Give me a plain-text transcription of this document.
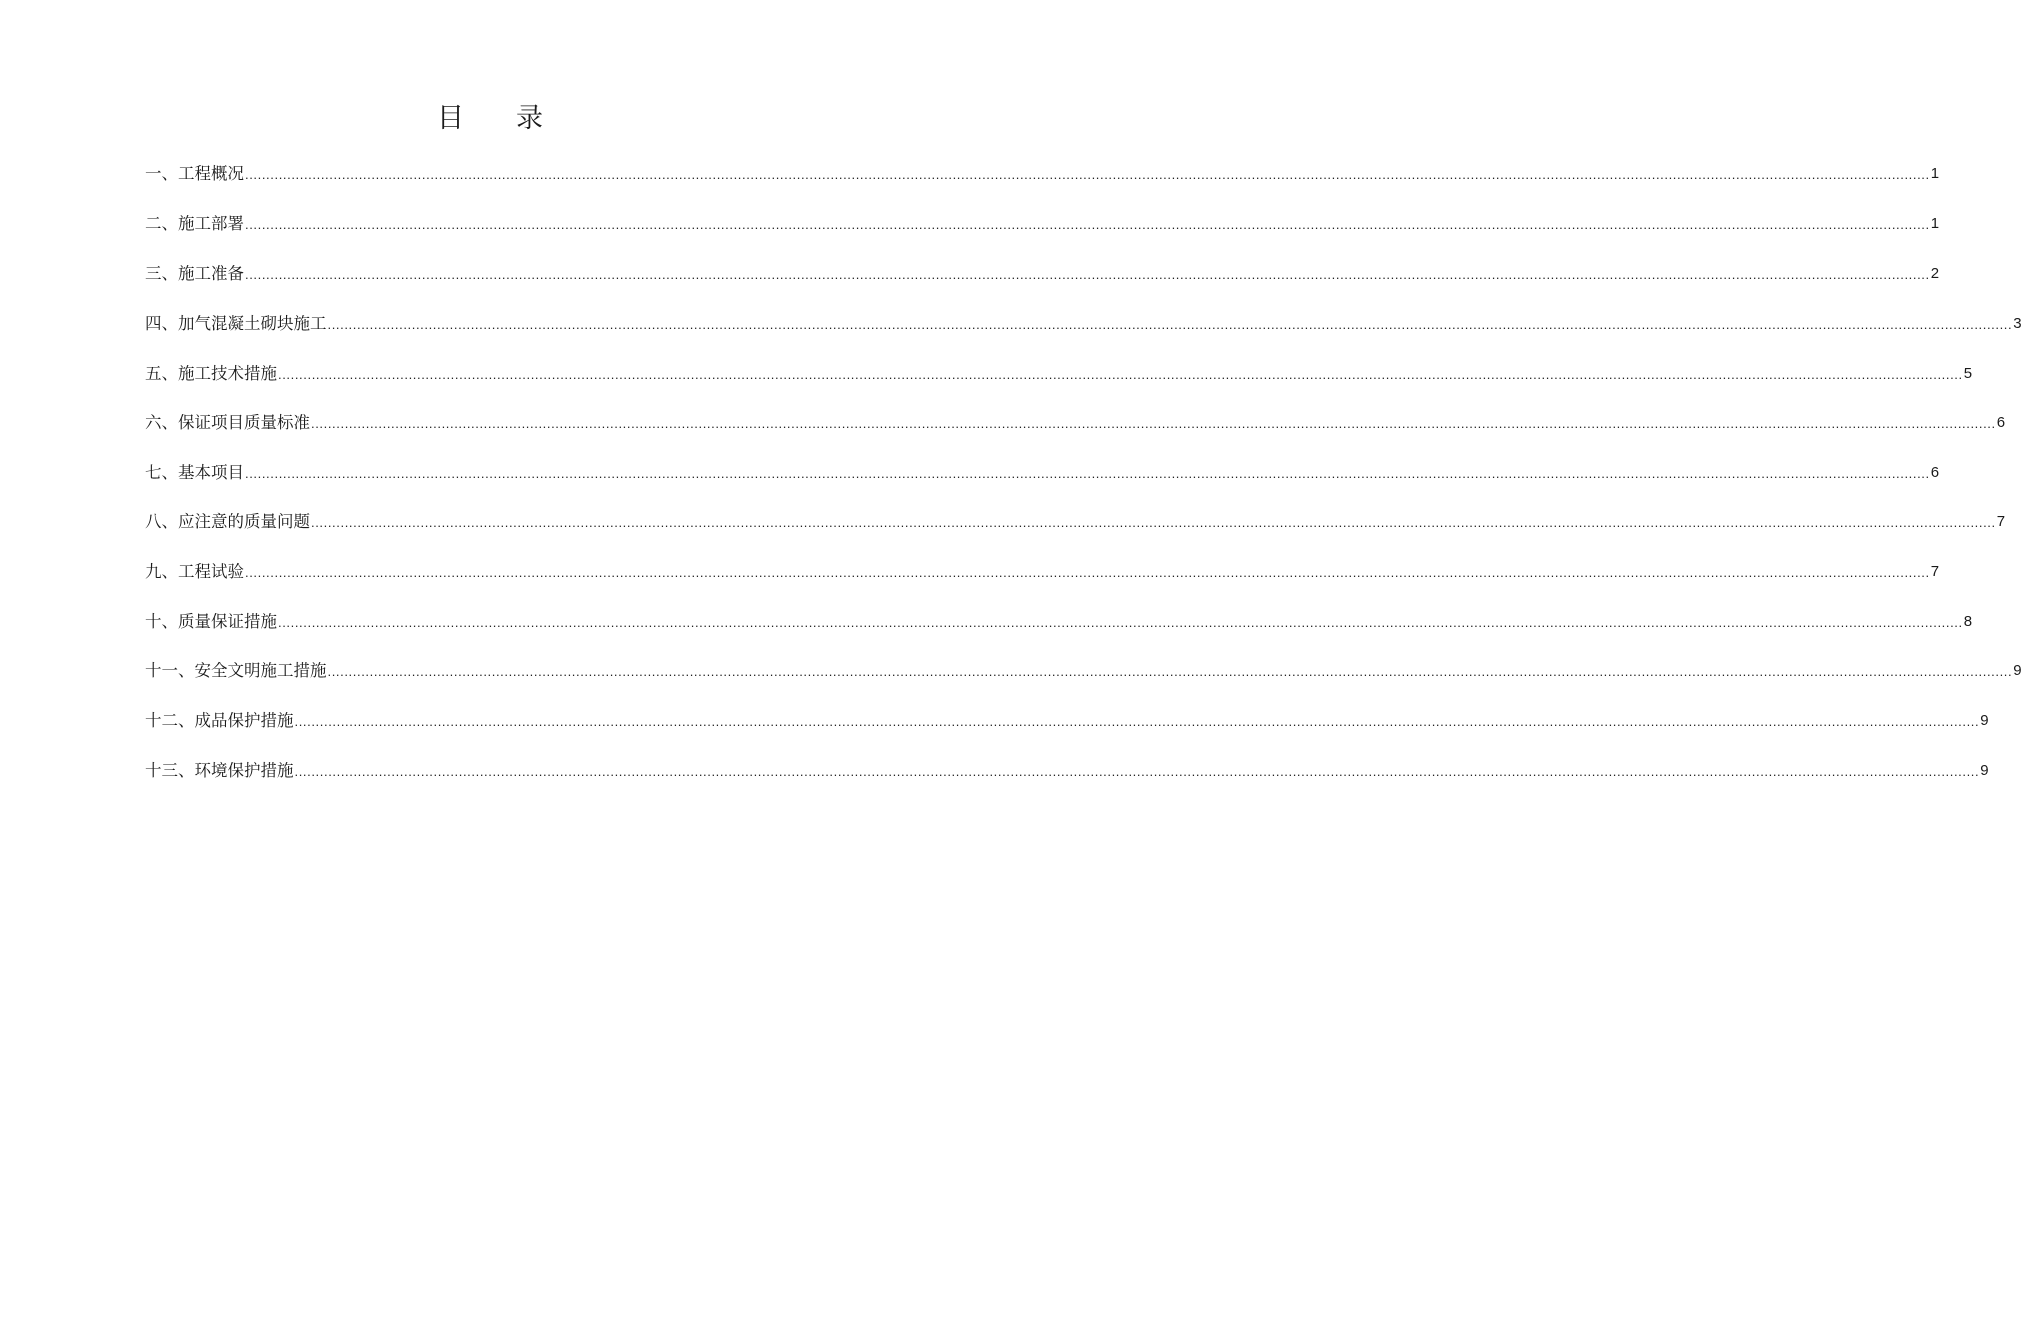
目 录
一、工程概况 ................................................................................................................................................................................................................................................................................................................................................................................................................ 1
二、施工部署 ................................................................................................................................................................................................................................................................................................................................................................................................................ 1
三、施工准备 ................................................................................................................................................................................................................................................................................................................................................................................................................ 2
四、加气混凝土砌块施工 ................................................................................................................................................................................................................................................................................................................................................................................................................ 3
五、施工技术措施 ................................................................................................................................................................................................................................................................................................................................................................................................................ 5
六、保证项目质量标准 ................................................................................................................................................................................................................................................................................................................................................................................................................ 6
七、基本项目 ................................................................................................................................................................................................................................................................................................................................................................................................................ 6
八、应注意的质量问题 ................................................................................................................................................................................................................................................................................................................................................................................................................ 7
九、工程试验 ................................................................................................................................................................................................................................................................................................................................................................................................................ 7
十、质量保证措施 ................................................................................................................................................................................................................................................................................................................................................................................................................ 8
十一、安全文明施工措施 ................................................................................................................................................................................................................................................................................................................................................................................................................ 9
十二、成品保护措施 ................................................................................................................................................................................................................................................................................................................................................................................................................ 9
十三、环境保护措施 ................................................................................................................................................................................................................................................................................................................................................................................................................ 9
